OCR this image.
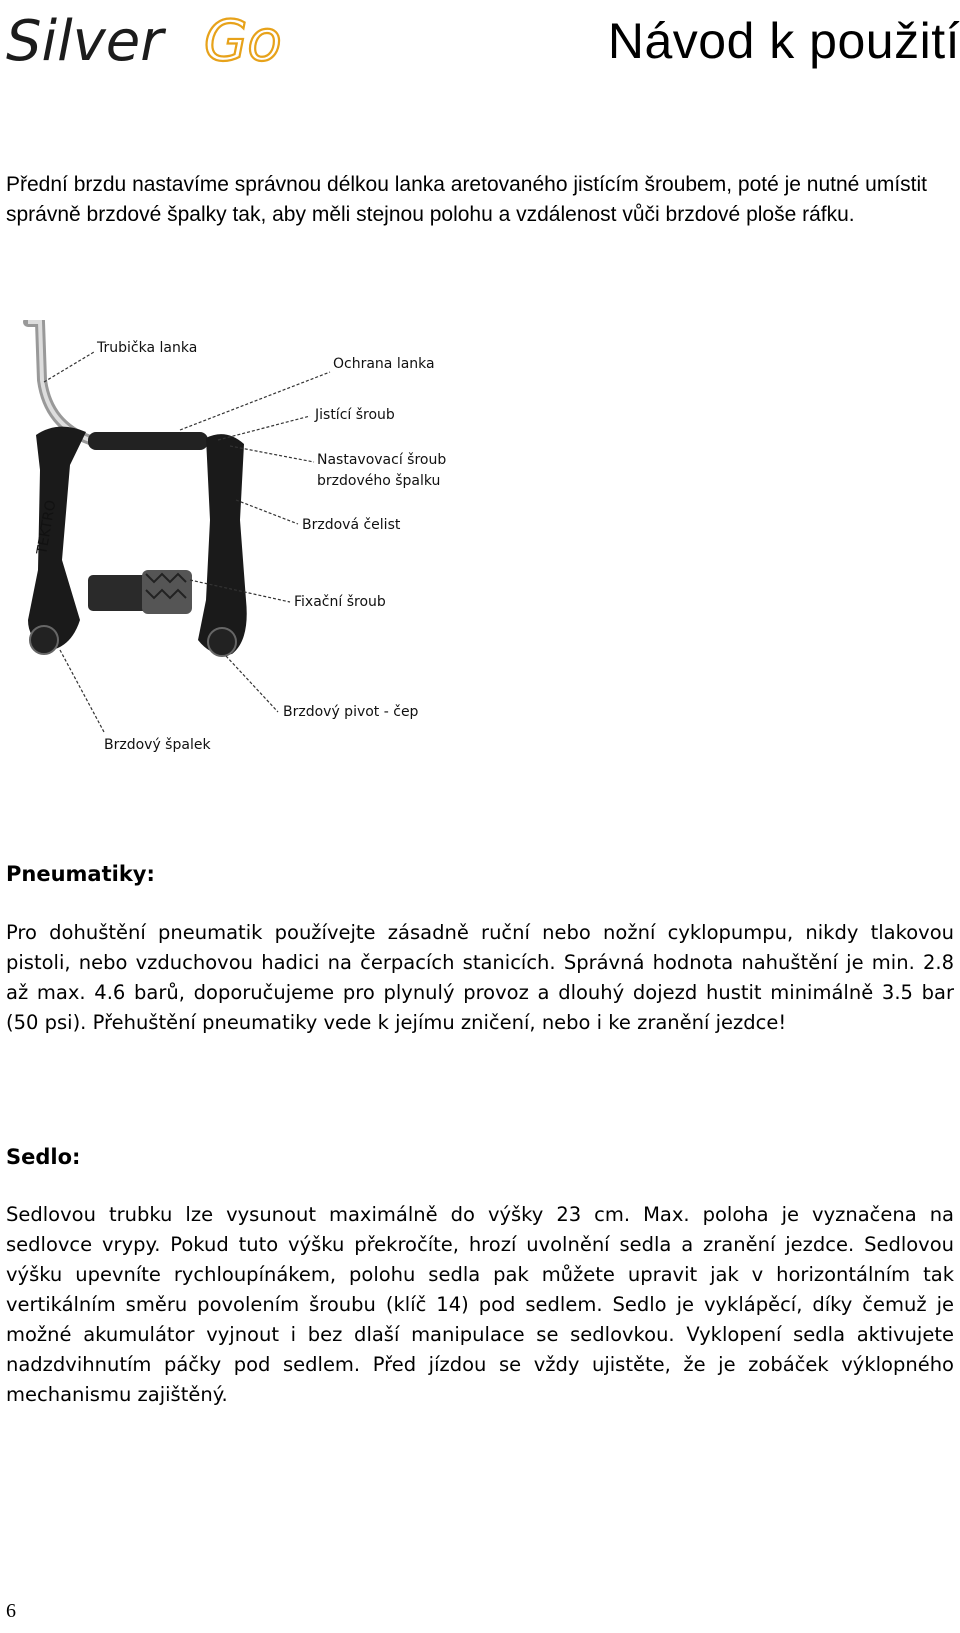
Silver Go	Návod k použití
Přední brzdu nastavíme správnou délkou lanka aretovaného jistícím šroubem, poté je nutné umístit správně brzdové špalky tak, aby měli stejnou polohu a vzdálenost vůči brzdové ploše ráfku.
TEKTRO
Trubička lanka
Ochrana lanka
Jistící šroub
Nastavovací šroub
brzdového špalku
Brzdová čelist
Fixační šroub
Brzdový pivot - čep
Brzdový špalek
Pneumatiky:
Pro dohuštění pneumatik používejte zásadně ruční nebo nožní cyklopumpu, nikdy tlakovou pistoli, nebo vzduchovou hadici na čerpacích stanicích. Správná hodnota nahuštění je min. 2.8 až max. 4.6 barů, doporučujeme pro plynulý provoz a dlouhý dojezd hustit minimálně 3.5 bar (50 psi). Přehuštění pneumatiky vede k jejímu zničení, nebo i ke zranění jezdce!
Sedlo:
Sedlovou trubku lze vysunout maximálně do výšky 23 cm. Max. poloha je vyznačena na sedlovce vrypy. Pokud tuto výšku překročíte, hrozí uvolnění sedla a zranění jezdce. Sedlovou výšku upevníte rychloupínákem, polohu sedla pak můžete upravit jak v horizontálním tak vertikálním směru povolením šroubu (klíč 14) pod sedlem. Sedlo je vyklápěcí, díky čemuž je možné akumulátor vyjnout i bez dlaší manipulace se sedlovkou. Vyklopení sedla aktivujete nadzdvihnutím páčky pod sedlem. Před jízdou se vždy ujistěte, že je zobáček výklopného mechanismu zajištěný.
6
